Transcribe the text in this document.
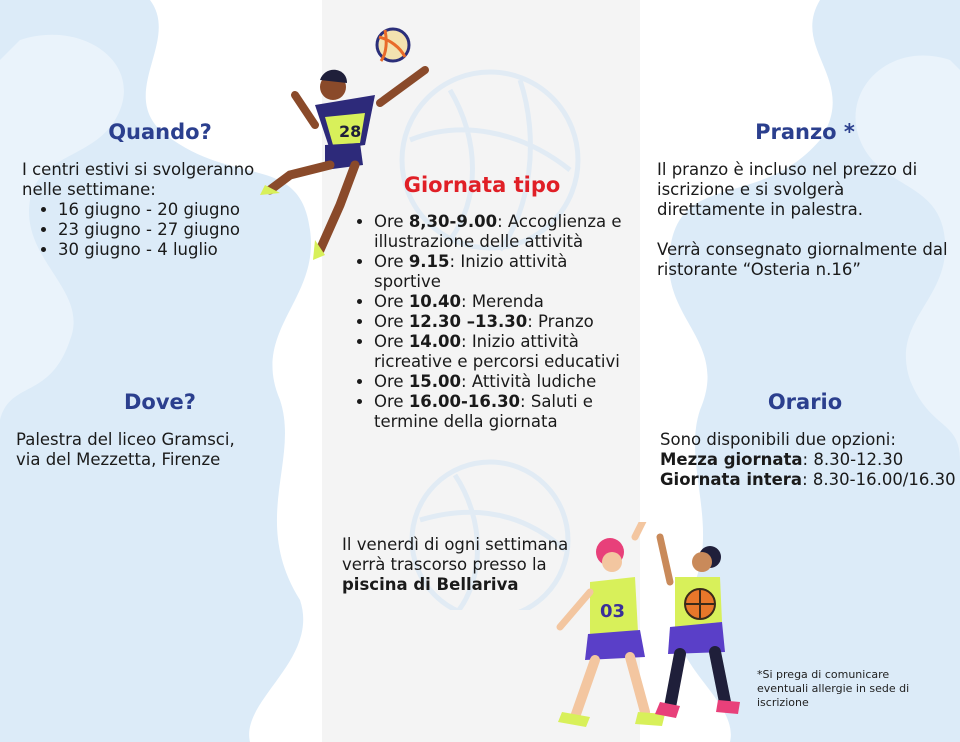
28
Quando?
I centri estivi si svolgeranno nelle settimane:
• 16 giugno - 20 giugno
• 23 giugno - 27 giugno
• 30 giugno - 4 luglio
Dove?
Palestra del liceo Gramsci,
via del Mezzetta, Firenze
Giornata tipo
• Ore 8,30-9.00: Accoglienza e illustrazione delle attività
• Ore 9.15: Inizio attività sportive
• Ore 10.40: Merenda
• Ore 12.30 –13.30: Pranzo
• Ore 14.00: Inizio attività ricreative e percorsi educativi
• Ore 15.00: Attività ludiche
• Ore 16.00-16.30: Saluti e termine della giornata
Il venerdì di ogni settimana verrà trascorso presso la piscina di Bellariva
03
Pranzo *
Il pranzo è incluso nel prezzo di iscrizione e si svolgerà direttamente in palestra.
Verrà consegnato giornalmente dal ristorante “Osteria n.16”
Orario
Sono disponibili due opzioni:
Mezza giornata: 8.30-12.30
Giornata intera: 8.30-16.00/16.30
*Si prega di comunicare eventuali allergie in sede di iscrizione
